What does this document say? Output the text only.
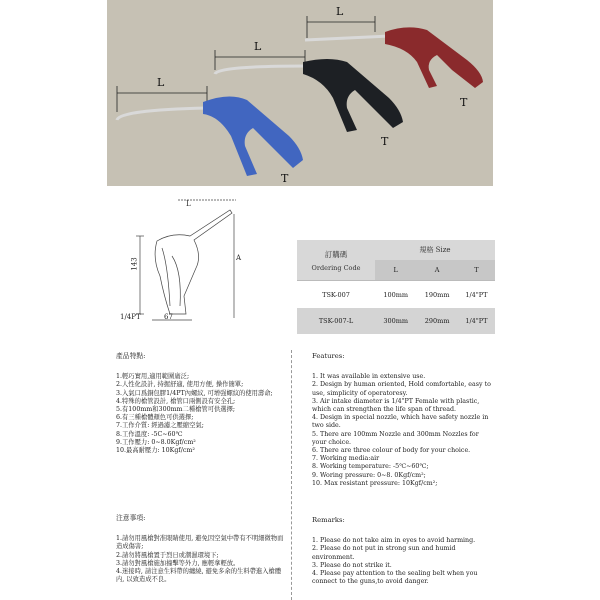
L
L
L
T
T
T
143
67
L
A
1/4PT
訂購碼
Ordering Code	規格 Size		
	L	A	T
TSK-007	100mm	190mm	1/4"PT
TSK-007-L	300mm	290mm	1/4"PT
產品特點:
1.輕巧實用,適用範圍廣泛;
2.人性化設計, 持握舒適, 使用方便, 操作簡單;
3.入氣口爲銅包膠1/4PT內螺紋, 可增强螺紋的使用壽命;
4.特殊的槍管設計, 槍管口兩側設有安全孔;
5.有100mm和300mm二種槍管可供選擇;
6.有三種槍體顏色可供選擇;
7.工作介質: 經過濾之壓縮空氣;
8.工作溫度: -5C~60℃
9.工作壓力: 0~8.0Kgf/cm²
10.最高耐壓力: 10Kgf/cm²
Features:
1. It was available in extensive use.
2. Design by human oriented, Hold comfortable, easy to use, simplicity of operatoresy.
3. Air intake diameter is 1/4"PT Female with plastic, which can strengthen the life span of thread.
4. Design in special nozzle, which have safety nozzle in two side.
5. There are 100mm Nozzle and 300mm Nozzles for your choice.
6. There are three colour of body for your choice.
7. Working media:air
8. Working temperature: -5℃~60℃;
9. Woring pressure: 0~8. 0Kgf/cm²;
10. Max resistant pressure: 10Kgf/cm²;
注意事項:
1.請勿用風槍對准眼睛使用, 避免因空氣中帶有不明細微物而造成傷害;
2.請勿將風槍置于烈日或潮濕環境下;
3.請勿對風槍施加撞擊等外力, 應輕拿輕放。
4.迷接時, 請注意生料帶的纏繞, 避免多余的生料帶進入槍體内, 以致造成不良。
Remarks:
1. Please do not take aim in eyes to avoid harming.
2. Please do not put in strong sun and humid environment.
3. Please do not strike it.
4. Please pay attention to the sealing belt when you connect to the guns,to avoid danger.
